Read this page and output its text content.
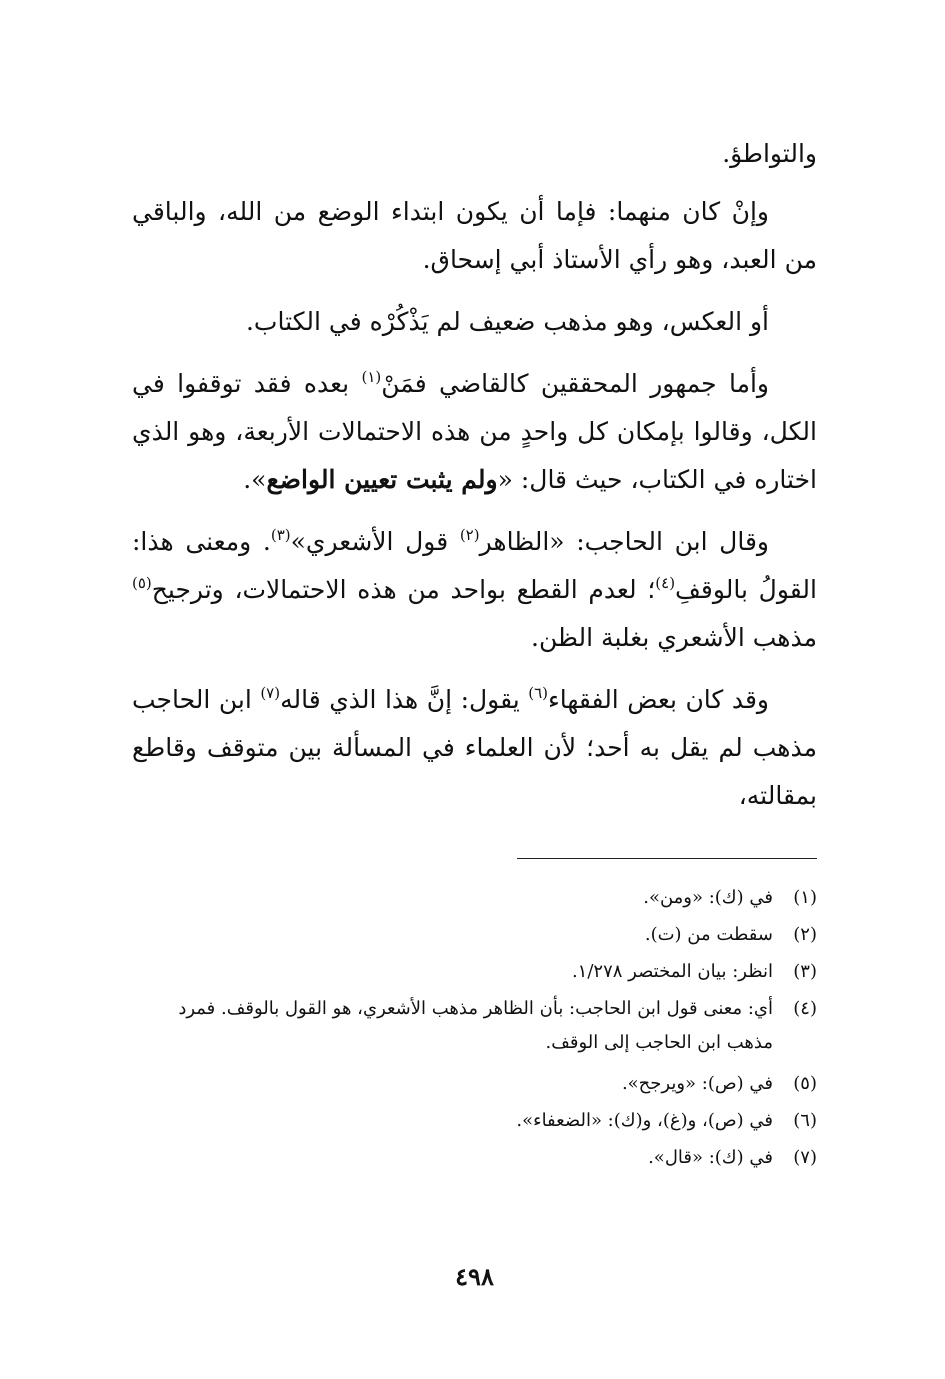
والتواطؤ.

وإنْ كان منهما: فإما أن يكون ابتداء الوضع من الله، والباقي من العبد، وهو رأي الأستاذ أبي إسحاق.

أو العكس، وهو مذهب ضعيف لم يَذْكُرْه في الكتاب.

وأما جمهور المحققين كالقاضي فمَنْ$^{(١)}$ بعده فقد توقفوا في الكل، وقالوا بإمكان كل واحدٍ من هذه الاحتمالات الأربعة، وهو الذي اختاره في الكتاب، حيث قال: «ولم يثبت تعيين الواضع».

وقال ابن الحاجب: «الظاهر$^{(٢)}$ قول الأشعري»$^{(٣)}$. ومعنى هذا: القولُ بالوقفِ$^{(٤)}$؛ لعدم القطع بواحد من هذه الاحتمالات، وترجيح$^{(٥)}$ مذهب الأشعري بغلبة الظن.

وقد كان بعض الفقهاء$^{(٦)}$ يقول: إنَّ هذا الذي قاله$^{(٧)}$ ابن الحاجب مذهب لم يقل به أحد؛ لأن العلماء في المسألة بين متوقف وقاطع بمقالته،

(١)
في (ك): «ومن».
(٢)
سقطت من (ت).
(٣)
انظر: بيان المختصر ١/٢٧٨.
(٤)
أي: معنى قول ابن الحاجب: بأن الظاهر مذهب الأشعري، هو القول بالوقف. فمرد مذهب ابن الحاجب إلى الوقف.
(٥)
في (ص): «ويرجح».
(٦)
في (ص)، و(غ)، و(ك): «الضعفاء».
(٧)
في (ك): «قال».
٤٩٨
